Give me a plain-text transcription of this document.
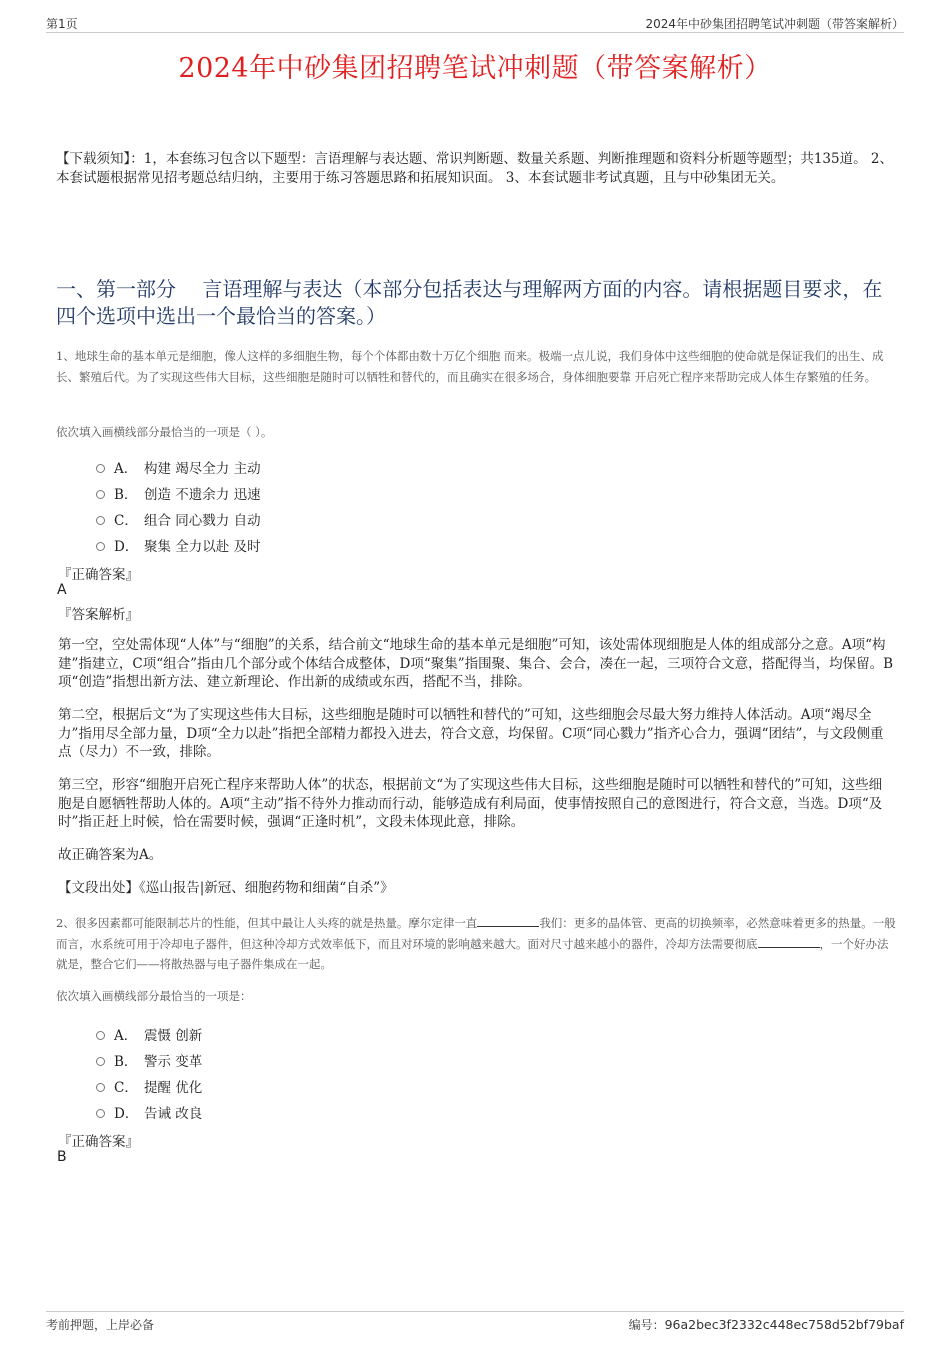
第1页	2024年中砂集团招聘笔试冲刺题（带答案解析）
2024年中砂集团招聘笔试冲刺题（带答案解析）
【下载须知】：1，本套练习包含以下题型：言语理解与表达题、常识判断题、数量关系题、判断推理题和资料分析题等题型；共135道。 2、本套试题根据常见招考题总结归纳，主要用于练习答题思路和拓展知识面。 3、本套试题非考试真题，且与中砂集团无关。
一、第一部分　 言语理解与表达（本部分包括表达与理解两方面的内容。请根据题目要求，在四个选项中选出一个最恰当的答案。）
1、地球生命的基本单元是细胞，像人这样的多细胞生物，每个个体都由数十万亿个细胞 而来。极端一点儿说，我们身体中这些细胞的使命就是保证我们的出生、成长、繁殖后代。为了实现这些伟大目标，这些细胞是随时可以牺牲和替代的，而且确实在很多场合，身体细胞要靠 开启死亡程序来帮助完成人体生存繁殖的任务。
依次填入画横线部分最恰当的一项是（ ）。
A． 构建 竭尽全力 主动
B． 创造 不遗余力 迅速
C． 组合 同心戮力 自动
D． 聚集 全力以赴 及时
『正确答案』
A
『答案解析』
第一空，空处需体现“人体”与“细胞”的关系，结合前文“地球生命的基本单元是细胞”可知，该处需体现细胞是人体的组成部分之意。A项“构建”指建立，C项“组合”指由几个部分或个体结合成整体，D项“聚集”指围聚、集合、会合，凑在一起，三项符合文意，搭配得当，均保留。B项“创造”指想出新方法、建立新理论、作出新的成绩或东西，搭配不当，排除。
第二空，根据后文“为了实现这些伟大目标，这些细胞是随时可以牺牲和替代的”可知，这些细胞会尽最大努力维持人体活动。A项“竭尽全力”指用尽全部力量，D项“全力以赴”指把全部精力都投入进去，符合文意，均保留。C项“同心戮力”指齐心合力，强调“团结”，与文段侧重点（尽力）不一致，排除。
第三空，形容“细胞开启死亡程序来帮助人体”的状态，根据前文“为了实现这些伟大目标，这些细胞是随时可以牺牲和替代的”可知，这些细胞是自愿牺牲帮助人体的。A项“主动”指不待外力推动而行动，能够造成有利局面，使事情按照自己的意图进行，符合文意，当选。D项“及时”指正赶上时候，恰在需要时候，强调“正逢时机”，文段未体现此意，排除。
故正确答案为A。
【文段出处】《巡山报告|新冠、细胞药物和细菌“自杀”》
2、很多因素都可能限制芯片的性能，但其中最让人头疼的就是热量。摩尔定律一直	我们：更多的晶体管、更高的切换频率，必然意味着更多的热量。一般而言，水系统可用于冷却电子器件，但这种冷却方式效率低下，而且对环境的影响越来越大。面对尺寸越来越小的器件，冷却方法需要彻底	，一个好办法就是，整合它们——将散热器与电子器件集成在一起。
依次填入画横线部分最恰当的一项是：
A． 震慑 创新
B． 警示 变革
C． 提醒 优化
D． 告诫 改良
『正确答案』
B
考前押题，上岸必备	编号：96a2bec3f2332c448ec758d52bf79baf
